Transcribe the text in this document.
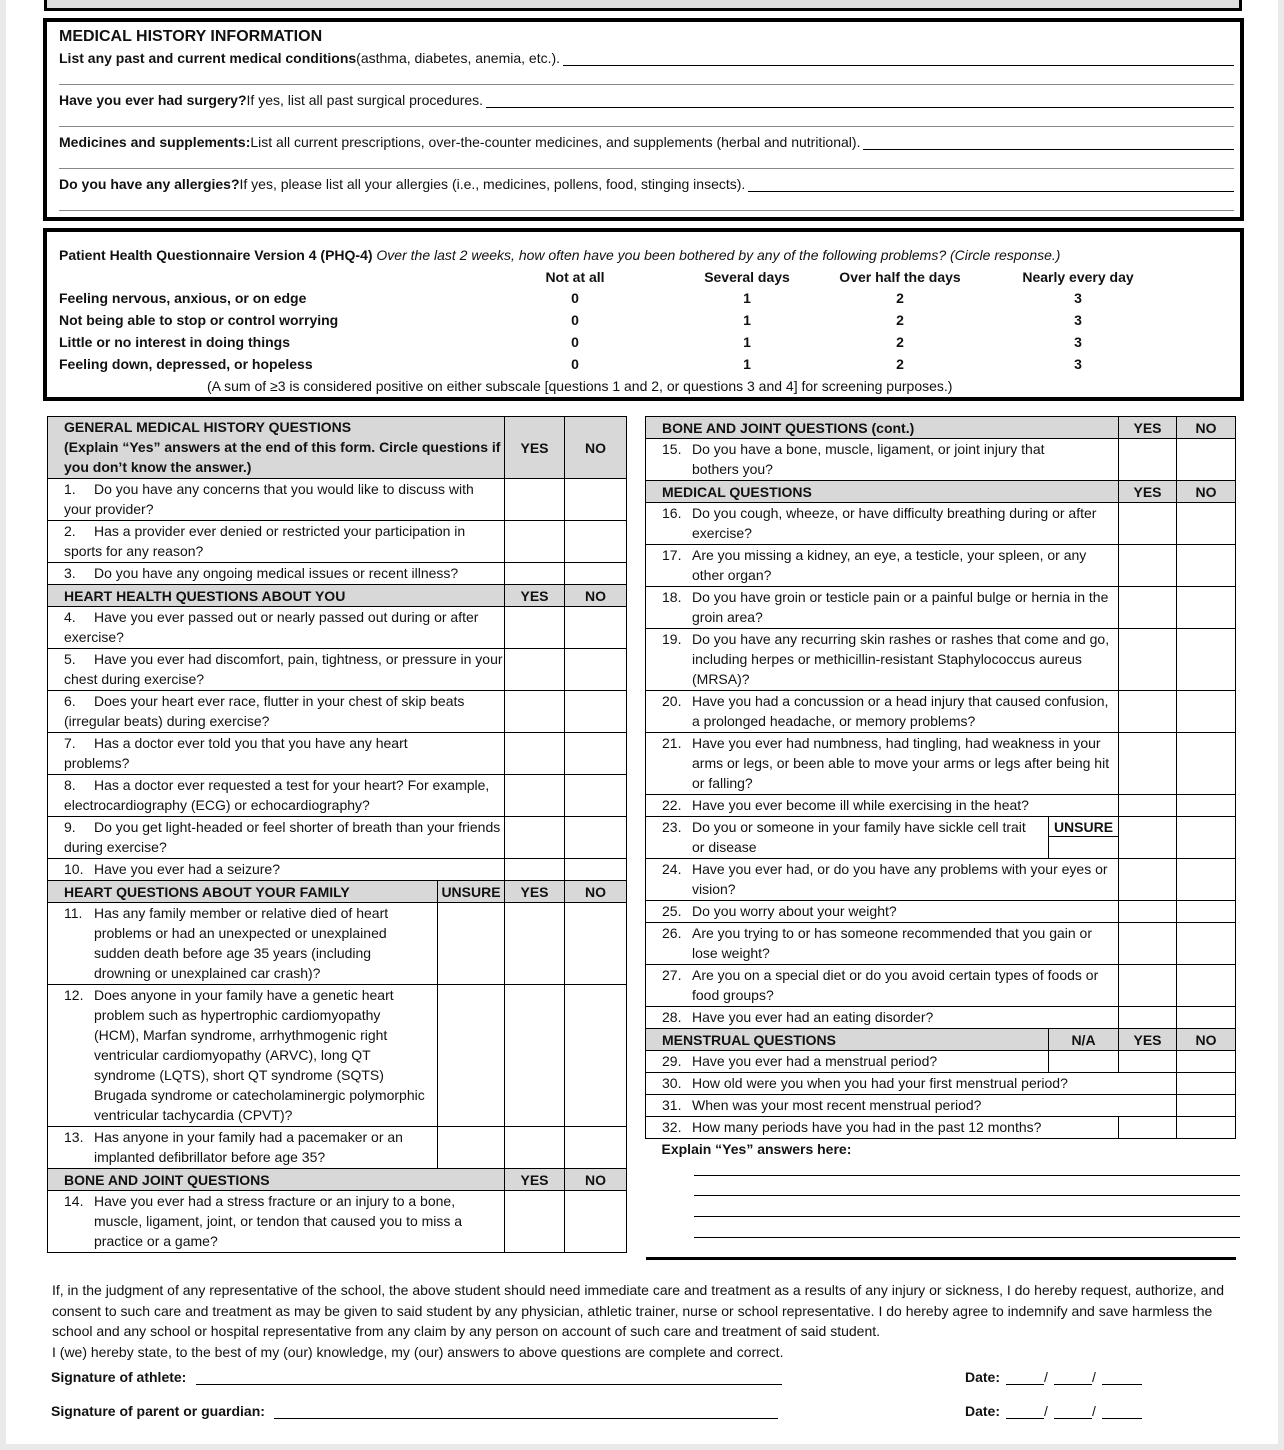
MEDICAL HISTORY INFORMATION
List any past and current medical conditions (asthma, diabetes, anemia, etc.).
Have you ever had surgery? If yes, list all past surgical procedures.
Medicines and supplements: List all current prescriptions, over-the-counter medicines, and supplements (herbal and nutritional).
Do you have any allergies? If yes, please list all your allergies (i.e., medicines, pollens, food, stinging insects).
Patient Health Questionnaire Version 4 (PHQ-4) Over the last 2 weeks, how often have you been bothered by any of the following problems? (Circle response.)
Not at all	Several days	Over half the days	Nearly every day
Feeling nervous, anxious, or on edge	0	1	2	3
Not being able to stop or control worrying	0	1	2	3
Little or no interest in doing things	0	1	2	3
Feeling down, depressed, or hopeless	0	1	2	3
(A sum of ≥3 is considered positive on either subscale [questions 1 and 2, or questions 3 and 4] for screening purposes.)
GENERAL MEDICAL HISTORY QUESTIONS
(Explain “Yes” answers at the end of this form. Circle questions if you don’t know the answer.)		YES	NO
1. Do you have any concerns that you would like to discuss with your provider?			
2. Has a provider ever denied or restricted your participation in sports for any reason?			
3. Do you have any ongoing medical issues or recent illness?			
HEART HEALTH QUESTIONS ABOUT YOU		YES	NO
4. Have you ever passed out or nearly passed out during or after exercise?			
5. Have you ever had discomfort, pain, tightness, or pressure in your chest during exercise?			
6. Does your heart ever race, flutter in your chest of skip beats (irregular beats) during exercise?			
7. Has a doctor ever told you that you have any heart problems?			
8. Has a doctor ever requested a test for your heart? For example, electrocardiography (ECG) or echocardiography?			
9. Do you get light-headed or feel shorter of breath than your friends during exercise?			
10. Have you ever had a seizure?			
HEART QUESTIONS ABOUT YOUR FAMILY	UNSURE	YES	NO

11. Has any family member or relative died of heart problems or had an unexpected or unexplained sudden death before age 35 years (including drowning or unexplained car crash)?			

12. Does anyone in your family have a genetic heart problem such as hypertrophic cardiomyopathy (HCM), Marfan syndrome, arrhythmogenic right ventricular cardiomyopathy (ARVC), long QT syndrome (LQTS), short QT syndrome (SQTS) Brugada syndrome or catecholaminergic polymorphic ventricular tachycardia (CPVT)?			

13. Has anyone in your family had a pacemaker or an implanted defibrillator before age 35?			

BONE AND JOINT QUESTIONS		YES	NO

14. Have you ever had a stress fracture or an injury to a bone, muscle, ligament, joint, or tendon that caused you to miss a practice or a game?			

BONE AND JOINT QUESTIONS (cont.)		YES	NO

15. Do you have a bone, muscle, ligament, or joint injury that bothers you?			

MEDICAL QUESTIONS		YES	NO

16. Do you cough, wheeze, or have difficulty breathing during or after exercise?			

17. Are you missing a kidney, an eye, a testicle, your spleen, or any other organ?			

18. Do you have groin or testicle pain or a painful bulge or hernia in the groin area?			

19. Do you have any recurring skin rashes or rashes that come and go, including herpes or methicillin-resistant Staphylococcus aureus (MRSA)?			

20. Have you had a concussion or a head injury that caused confusion, a prolonged headache, or memory problems?			

21. Have you ever had numbness, had tingling, had weakness in your arms or legs, or been able to move your arms or legs after being hit or falling?			

22. Have you ever become ill while exercising in the heat?			

23. Do you or someone in your family have sickle cell trait or disease	UNSURE		

24. Have you ever had, or do you have any problems with your eyes or vision?			

25. Do you worry about your weight?			

26. Are you trying to or has someone recommended that you gain or lose weight?			

27. Are you on a special diet or do you avoid certain types of foods or food groups?			

28. Have you ever had an eating disorder?			
MENSTRUAL QUESTIONS	N/A	YES	NO
29. Have you ever had a menstrual period?			
30. How old were you when you had your first menstrual period?			
31. When was your most recent menstrual period?			
32. How many periods have you had in the past 12 months?			
Explain “Yes” answers here:			

If, in the judgment of any representative of the school, the above student should need immediate care and treatment as a results of any injury or sickness, I do hereby request, authorize, and consent to such care and treatment as may be given to said student by any physician, athletic trainer, nurse or school representative. I do hereby agree to indemnify and save harmless the school and any school or hospital representative from any claim by any person on account of such care and treatment of said student.

I (we) hereby state, to the best of my (our) knowledge, my (our) answers to above questions are complete and correct.

Signature of athlete:	Date:	/	/
Signature of parent or guardian:	Date:	/	/
